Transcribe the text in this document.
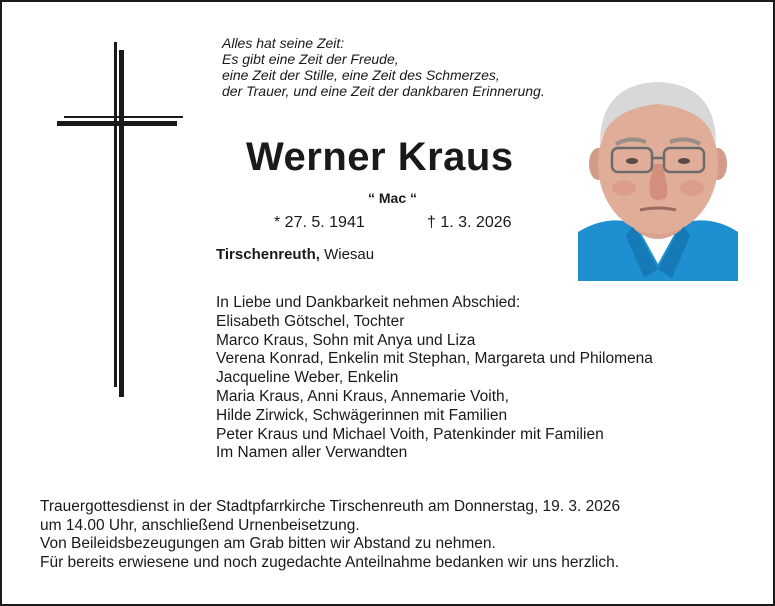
Alles hat seine Zeit:
Es gibt eine Zeit der Freude,
eine Zeit der Stille, eine Zeit des Schmerzes,
der Trauer, und eine Zeit der dankbaren Erinnerung.
Werner Kraus
“ Mac “
* 27. 5. 1941	† 1. 3. 2026
Tirschenreuth, Wiesau
In Liebe und Dankbarkeit nehmen Abschied:
Elisabeth Götschel, Tochter
Marco Kraus, Sohn mit Anya und Liza
Verena Konrad, Enkelin mit Stephan, Margareta und Philomena
Jacqueline Weber, Enkelin
Maria Kraus, Anni Kraus, Annemarie Voith,
Hilde Zirwick, Schwägerinnen mit Familien
Peter Kraus und Michael Voith, Patenkinder mit Familien
Im Namen aller Verwandten
Trauergottesdienst in der Stadtpfarrkirche Tirschenreuth am Donnerstag, 19. 3. 2026
um 14.00 Uhr, anschließend Urnenbeisetzung.
Von Beileidsbezeugungen am Grab bitten wir Abstand zu nehmen.
Für bereits erwiesene und noch zugedachte Anteilnahme bedanken wir uns herzlich.
